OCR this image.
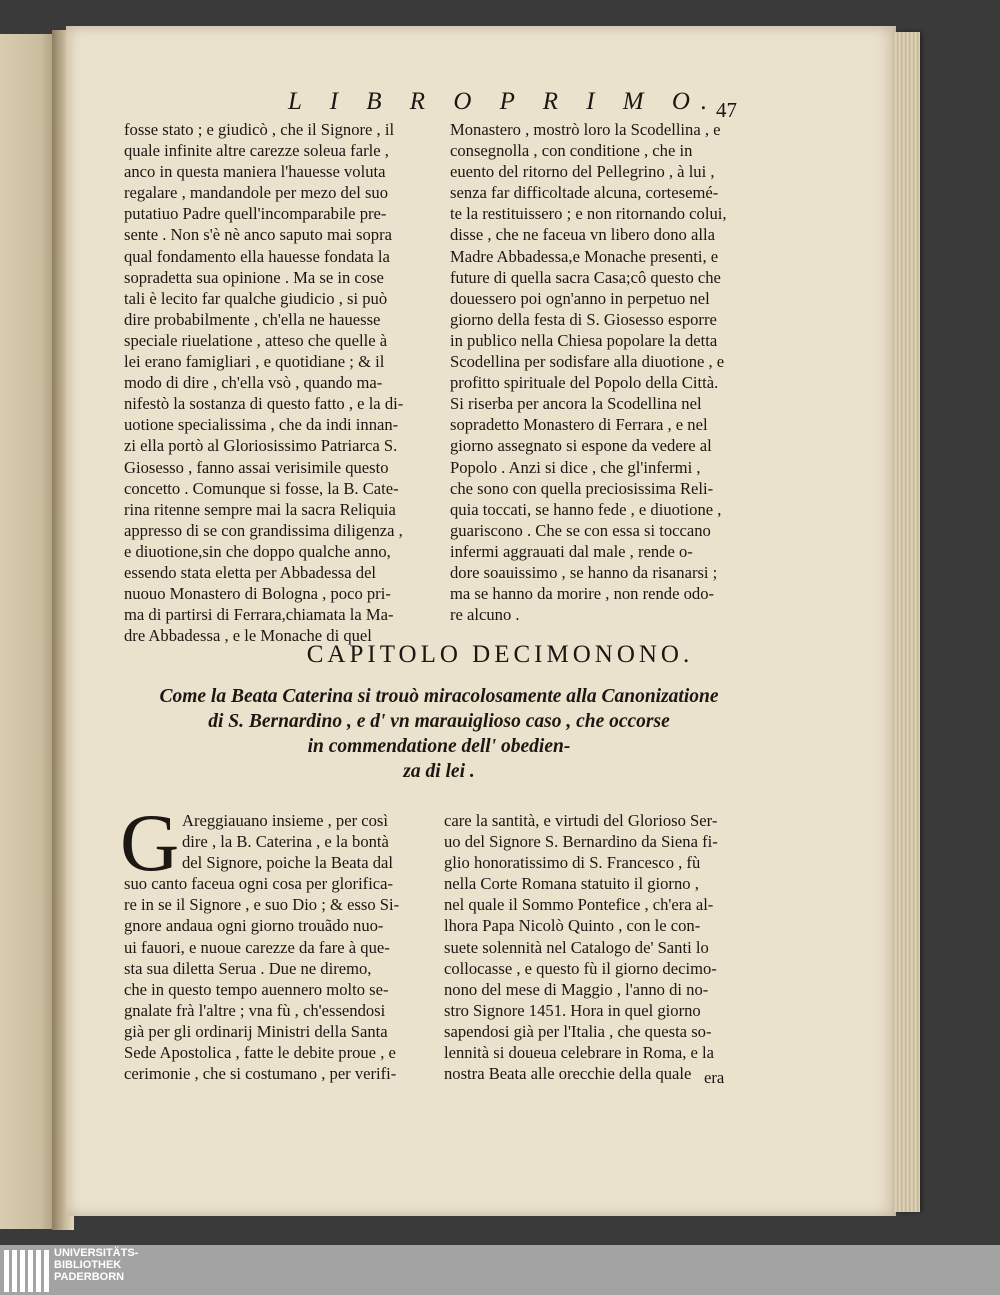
L I B R O P R I M O.
47
fosse stato ; e giudicò , che il Signore , il
quale infinite altre carezze soleua farle ,
anco in questa maniera l'hauesse voluta
regalare , mandandole per mezo del suo
putatiuo Padre quell'incomparabile pre-
sente . Non s'è nè anco saputo mai sopra
qual fondamento ella hauesse fondata la
sopradetta sua opinione . Ma se in cose
tali è lecito far qualche giudicio , si può
dire probabilmente , ch'ella ne hauesse
speciale riuelatione , atteso che quelle à
lei erano famigliari , e quotidiane ; & il
modo di dire , ch'ella vsò , quando ma-
nifestò la sostanza di questo fatto , e la di-
uotione specialissima , che da indi innan-
zi ella portò al Gloriosissimo Patriarca S.
Giosesso , fanno assai verisimile questo
concetto . Comunque si fosse, la B. Cate-
rina ritenne sempre mai la sacra Reliquia
appresso di se con grandissima diligenza ,
e diuotione,sin che doppo qualche anno,
essendo stata eletta per Abbadessa del
nuouo Monastero di Bologna , poco pri-
ma di partirsi di Ferrara,chiamata la Ma-
dre Abbadessa , e le Monache di quel
Monastero , mostrò loro la Scodellina , e
consegnolla , con conditione , che in
euento del ritorno del Pellegrino , à lui ,
senza far difficoltade alcuna, cortesemé-
te la restituissero ; e non ritornando colui,
disse , che ne faceua vn libero dono alla
Madre Abbadessa,e Monache presenti, e
future di quella sacra Casa;cô questo che
douessero poi ogn'anno in perpetuo nel
giorno della festa di S. Giosesso esporre
in publico nella Chiesa popolare la detta
Scodellina per sodisfare alla diuotione , e
profitto spirituale del Popolo della Città.
Si riserba per ancora la Scodellina nel
sopradetto Monastero di Ferrara , e nel
giorno assegnato si espone da vedere al
Popolo . Anzi si dice , che gl'infermi ,
che sono con quella preciosissima Reli-
quia toccati, se hanno fede , e diuotione ,
guariscono . Che se con essa si toccano
infermi aggrauati dal male , rende o-
dore soauissimo , se hanno da risanarsi ;
ma se hanno da morire , non rende odo-
re alcuno .
CAPITOLO DECIMONONO.
Come la Beata Caterina si trouò miracolosamente alla Canonizatione
di S. Bernardino , e d' vn marauiglioso caso , che occorse
in commendatione dell' obedien-
za di lei .
G Areggiauano insieme , per così
dire , la B. Caterina , e la bontà
del Signore, poiche la Beata dal
suo canto faceua ogni cosa per glorifica-
re in se il Signore , e suo Dio ; & esso Si-
gnore andaua ogni giorno trouãdo nuo-
ui fauori, e nuoue carezze da fare à que-
sta sua diletta Serua . Due ne diremo,
che in questo tempo auennero molto se-
gnalate frà l'altre ; vna fù , ch'essendosi
già per gli ordinarij Ministri della Santa
Sede Apostolica , fatte le debite proue , e
cerimonie , che si costumano , per verifi-
care la santità, e virtudi del Glorioso Ser-
uo del Signore S. Bernardino da Siena fi-
glio honoratissimo di S. Francesco , fù
nella Corte Romana statuito il giorno ,
nel quale il Sommo Pontefice , ch'era al-
lhora Papa Nicolò Quinto , con le con-
suete solennità nel Catalogo de' Santi lo
collocasse , e questo fù il giorno decimo-
nono del mese di Maggio , l'anno di no-
stro Signore 1451. Hora in quel giorno
sapendosi già per l'Italia , che questa so-
lennità si doueua celebrare in Roma, e la
nostra Beata alle orecchie della quale era
UNIVERSITÄTS-
BIBLIOTHEK
PADERBORN
